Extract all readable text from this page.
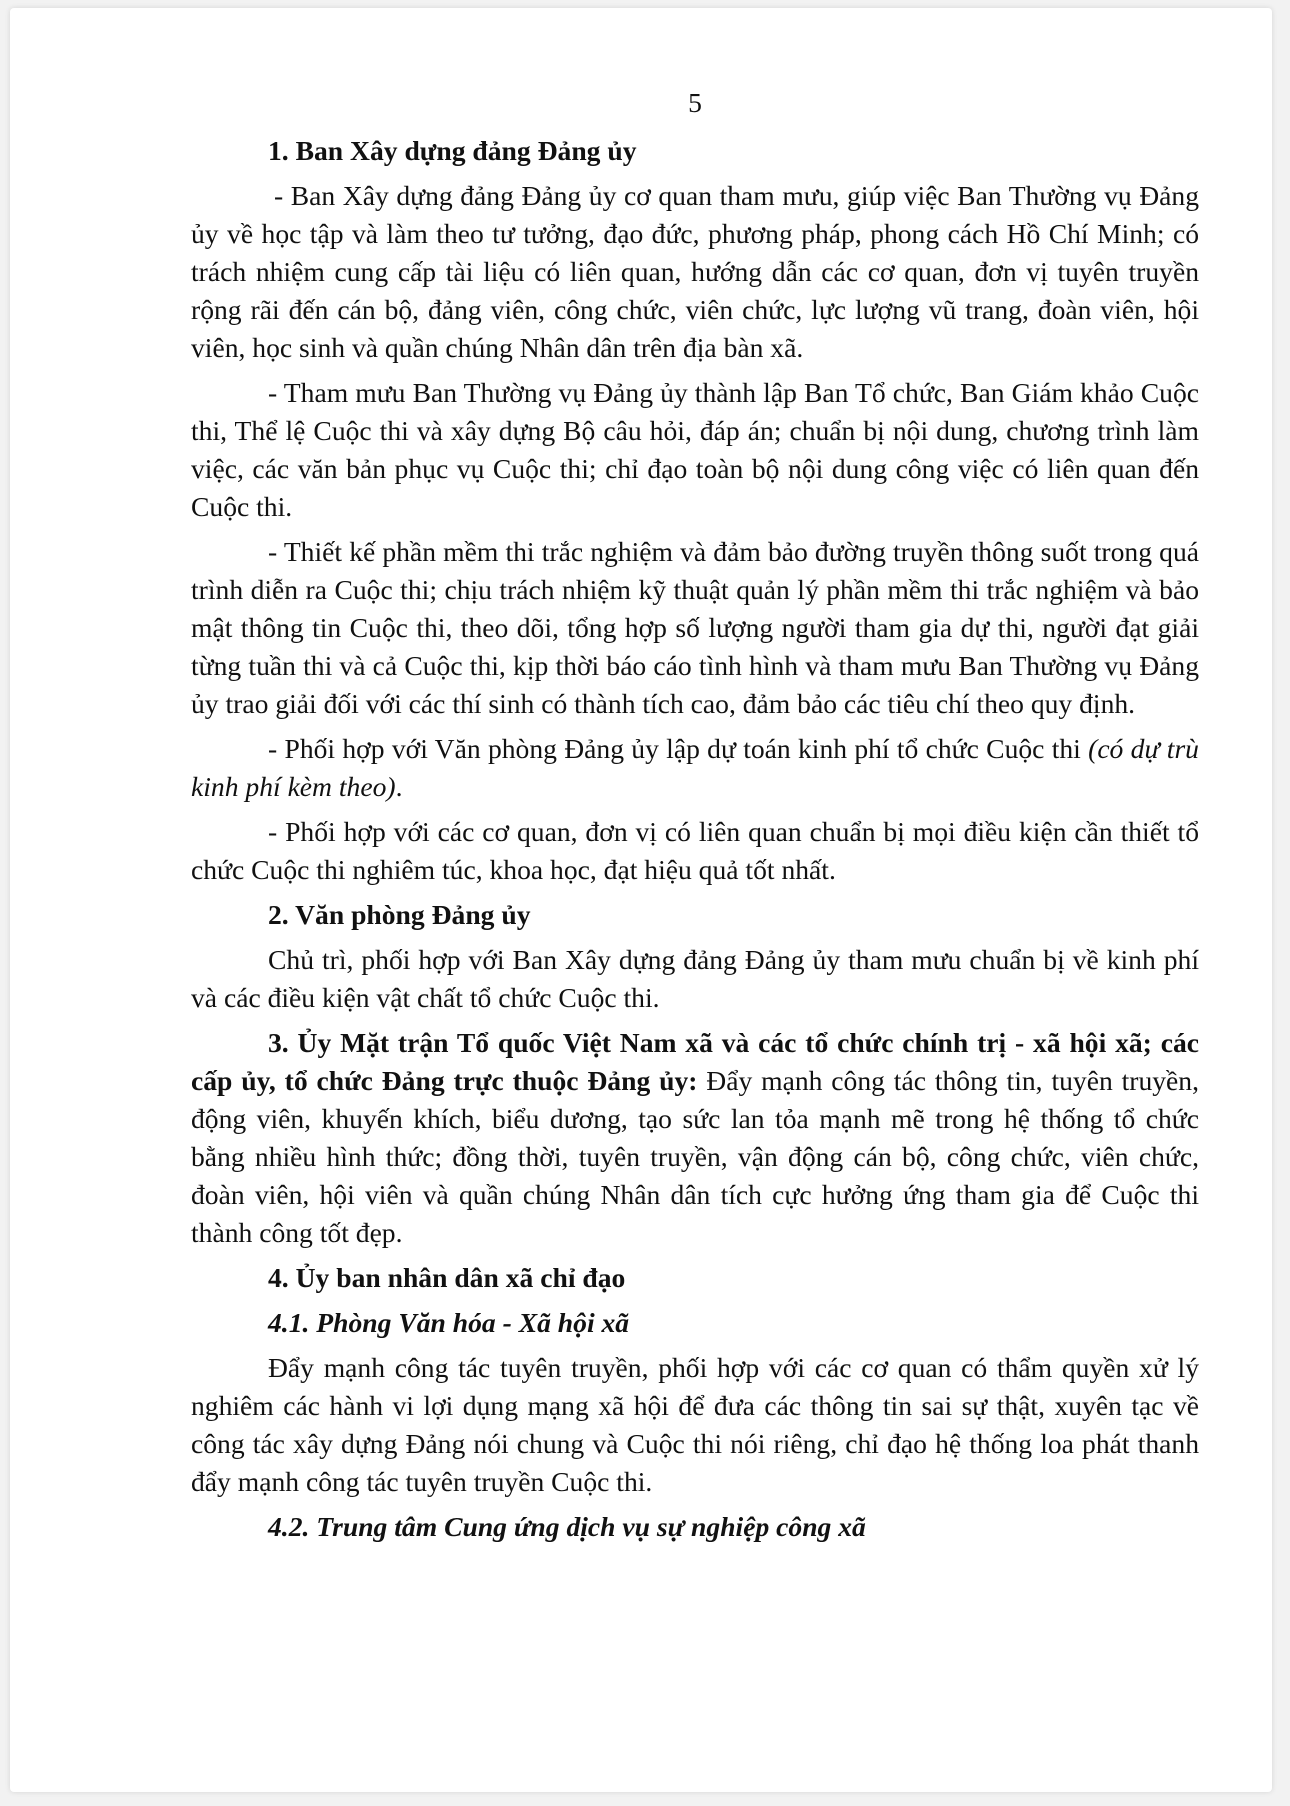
5
1. Ban Xây dựng đảng Đảng ủy

- Ban Xây dựng đảng Đảng ủy cơ quan tham mưu, giúp việc Ban Thường vụ Đảng ủy về học tập và làm theo tư tưởng, đạo đức, phương pháp, phong cách Hồ Chí Minh; có trách nhiệm cung cấp tài liệu có liên quan, hướng dẫn các cơ quan, đơn vị tuyên truyền rộng rãi đến cán bộ, đảng viên, công chức, viên chức, lực lượng vũ trang, đoàn viên, hội viên, học sinh và quần chúng Nhân dân trên địa bàn xã.

- Tham mưu Ban Thường vụ Đảng ủy thành lập Ban Tổ chức, Ban Giám khảo Cuộc thi, Thể lệ Cuộc thi và xây dựng Bộ câu hỏi, đáp án; chuẩn bị nội dung, chương trình làm việc, các văn bản phục vụ Cuộc thi; chỉ đạo toàn bộ nội dung công việc có liên quan đến Cuộc thi.

- Thiết kế phần mềm thi trắc nghiệm và đảm bảo đường truyền thông suốt trong quá trình diễn ra Cuộc thi; chịu trách nhiệm kỹ thuật quản lý phần mềm thi trắc nghiệm và bảo mật thông tin Cuộc thi, theo dõi, tổng hợp số lượng người tham gia dự thi, người đạt giải từng tuần thi và cả Cuộc thi, kịp thời báo cáo tình hình và tham mưu Ban Thường vụ Đảng ủy trao giải đối với các thí sinh có thành tích cao, đảm bảo các tiêu chí theo quy định.

- Phối hợp với Văn phòng Đảng ủy lập dự toán kinh phí tổ chức Cuộc thi (có dự trù kinh phí kèm theo).

- Phối hợp với các cơ quan, đơn vị có liên quan chuẩn bị mọi điều kiện cần thiết tổ chức Cuộc thi nghiêm túc, khoa học, đạt hiệu quả tốt nhất.

2. Văn phòng Đảng ủy

Chủ trì, phối hợp với Ban Xây dựng đảng Đảng ủy tham mưu chuẩn bị về kinh phí và các điều kiện vật chất tổ chức Cuộc thi.

3. Ủy Mặt trận Tổ quốc Việt Nam xã và các tổ chức chính trị - xã hội xã; các cấp ủy, tổ chức Đảng trực thuộc Đảng ủy: Đẩy mạnh công tác thông tin, tuyên truyền, động viên, khuyến khích, biểu dương, tạo sức lan tỏa mạnh mẽ trong hệ thống tổ chức bằng nhiều hình thức; đồng thời, tuyên truyền, vận động cán bộ, công chức, viên chức, đoàn viên, hội viên và quần chúng Nhân dân tích cực hưởng ứng tham gia để Cuộc thi thành công tốt đẹp.

4. Ủy ban nhân dân xã chỉ đạo
4.1. Phòng Văn hóa - Xã hội xã

Đẩy mạnh công tác tuyên truyền, phối hợp với các cơ quan có thẩm quyền xử lý nghiêm các hành vi lợi dụng mạng xã hội để đưa các thông tin sai sự thật, xuyên tạc về công tác xây dựng Đảng nói chung và Cuộc thi nói riêng, chỉ đạo hệ thống loa phát thanh đẩy mạnh công tác tuyên truyền Cuộc thi.

4.2. Trung tâm Cung ứng dịch vụ sự nghiệp công xã
